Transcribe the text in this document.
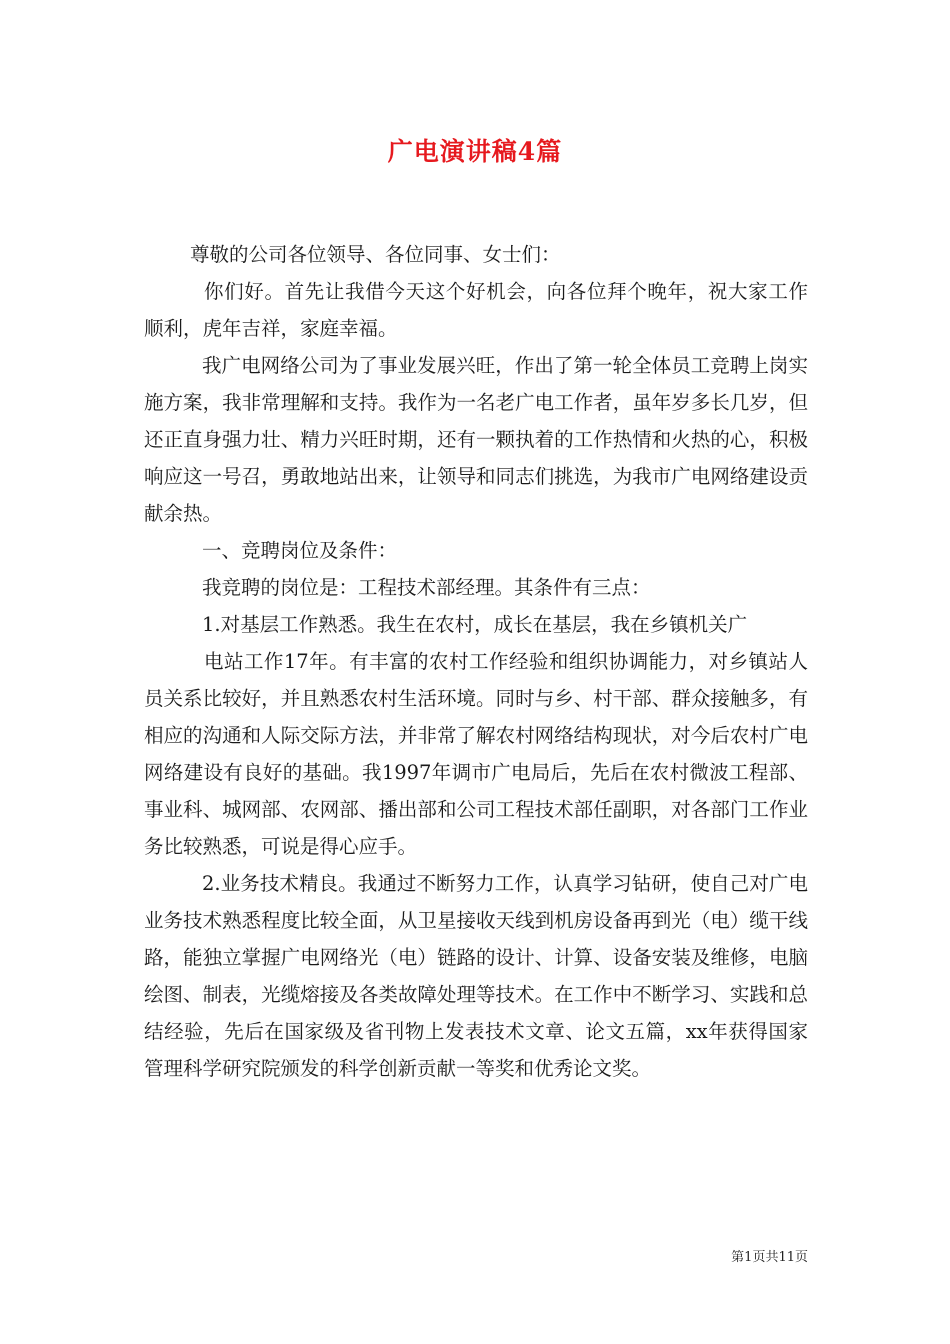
广电演讲稿4篇

尊敬的公司各位领导、各位同事、女士们：

你们好。首先让我借今天这个好机会，向各位拜个晚年，祝大家工作顺利，虎年吉祥，家庭幸福。

我广电网络公司为了事业发展兴旺，作出了第一轮全体员工竞聘上岗实施方案，我非常理解和支持。我作为一名老广电工作者，虽年岁多长几岁，但还正直身强力壮、精力兴旺时期，还有一颗执着的工作热情和火热的心，积极响应这一号召，勇敢地站出来，让领导和同志们挑选，为我市广电网络建设贡献余热。

一、竞聘岗位及条件：

我竞聘的岗位是：工程技术部经理。其条件有三点：

1.对基层工作熟悉。我生在农村，成长在基层，我在乡镇机关广

电站工作17年。有丰富的农村工作经验和组织协调能力，对乡镇站人员关系比较好，并且熟悉农村生活环境。同时与乡、村干部、群众接触多，有相应的沟通和人际交际方法，并非常了解农村网络结构现状，对今后农村广电网络建设有良好的基础。我1997年调市广电局后，先后在农村微波工程部、事业科、城网部、农网部、播出部和公司工程技术部任副职，对各部门工作业务比较熟悉，可说是得心应手。

2.业务技术精良。我通过不断努力工作，认真学习钻研，使自己对广电业务技术熟悉程度比较全面，从卫星接收天线到机房设备再到光（电）缆干线路，能独立掌握广电网络光（电）链路的设计、计算、设备安装及维修，电脑绘图、制表，光缆熔接及各类故障处理等技术。在工作中不断学习、实践和总结经验，先后在国家级及省刊物上发表技术文章、论文五篇，xx年获得国家管理科学研究院颁发的科学创新贡献一等奖和优秀论文奖。

第1页共11页
